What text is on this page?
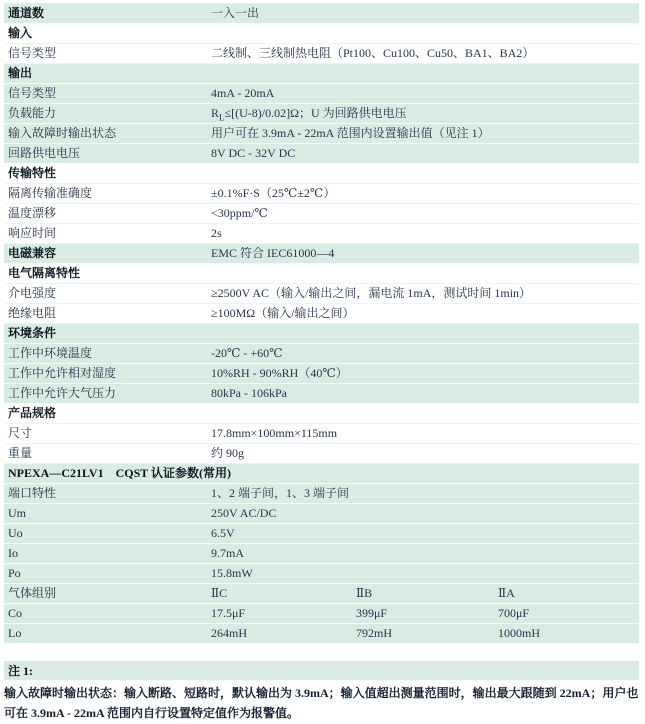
通道数	一入一出
输入
信号类型	二线制、三线制热电阻（Pt100、Cu100、Cu50、BA1、BA2）
输出
信号类型	4mA - 20mA
负载能力	$R_L\le[(U-8)/0.02]\Omega$；U 为回路供电电压
输入故障时输出状态	用户可在 3.9mA - 22mA 范围内设置输出值（见注 1）
回路供电电压	8V DC - 32V DC
传输特性
隔离传输准确度	±0.1%F·S（25℃±2℃）
温度漂移	<30ppm/℃
响应时间	2s
电磁兼容	EMC 符合 IEC61000—4
电气隔离特性
介电强度	≥2500V AC（输入/输出之间，漏电流 1mA，测试时间 1min）
绝缘电阻	≥100MΩ（输入/输出之间）
环境条件
工作中环境温度	-20℃ - +60℃
工作中允许相对湿度	10%RH - 90%RH（40℃）
工作中允许大气压力	80kPa - 106kPa
产品规格
尺寸	17.8mm×100mm×115mm
重量	约 90g
NPEXA—C21LV1　CQST 认证参数(常用)
端口特性	1、2 端子间，1、3 端子间
Um	250V AC/DC
Uo	6.5V
Io	9.7mA
Po	15.8mW
气体组别	ⅡC	ⅡB	ⅡA
Co	17.5μF	399μF	700μF
Lo	264mH	792mH	1000mH
注 1:

输入故障时输出状态：输入断路、短路时，默认输出为 3.9mA；输入值超出测量范围时，输出最大跟随到 22mA；用户也

可在 3.9mA - 22mA 范围内自行设置特定值作为报警值。
